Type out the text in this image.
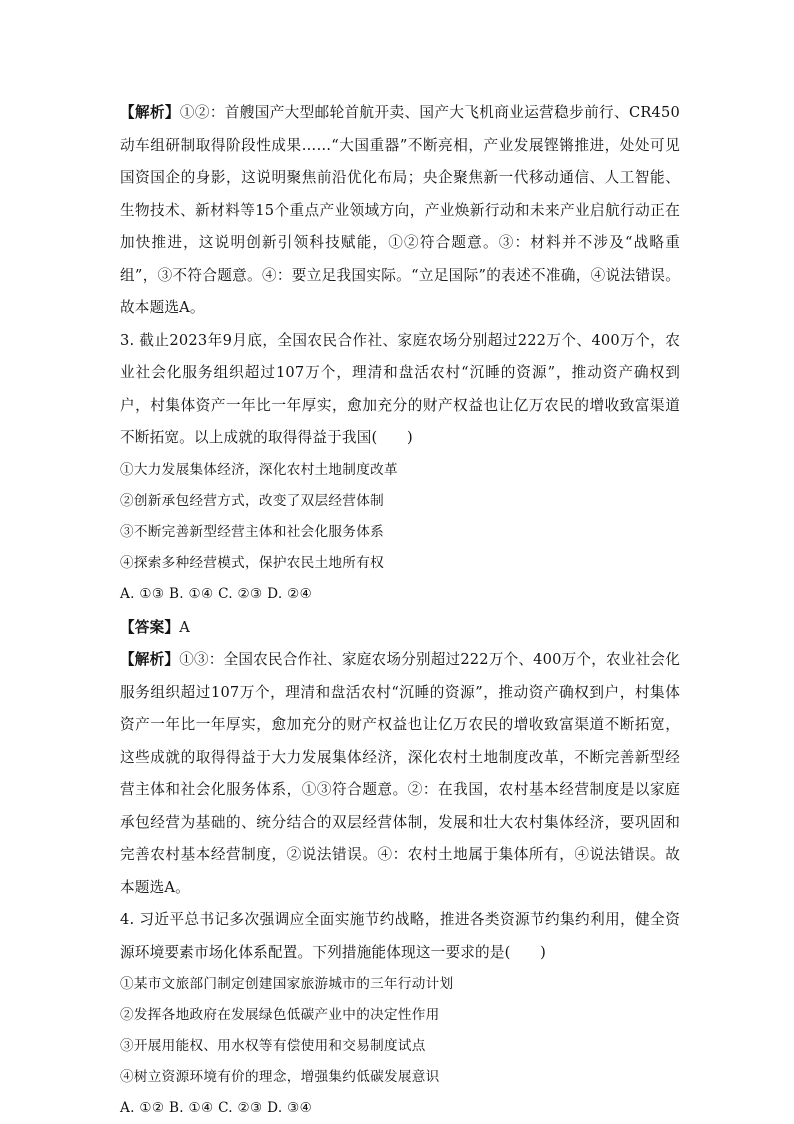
【解析】①②：首艘国产大型邮轮首航开卖、国产大飞机商业运营稳步前行、CR450动车组研制取得阶段性成果……“大国重器”不断亮相，产业发展铿锵推进，处处可见国资国企的身影，这说明聚焦前沿优化布局；央企聚焦新一代移动通信、人工智能、生物技术、新材料等15个重点产业领域方向，产业焕新行动和未来产业启航行动正在加快推进，这说明创新引领科技赋能，①②符合题意。③：材料并不涉及“战略重组”，③不符合题意。④：要立足我国实际。“立足国际”的表述不准确，④说法错误。故本题选A。

3. 截止2023年9月底，全国农民合作社、家庭农场分别超过222万个、400万个，农业社会化服务组织超过107万个，理清和盘活农村“沉睡的资源”，推动资产确权到户，村集体资产一年比一年厚实，愈加充分的财产权益也让亿万农民的增收致富渠道不断拓宽。以上成就的取得得益于我国(　　)

①大力发展集体经济，深化农村土地制度改革

②创新承包经营方式，改变了双层经营体制

③不断完善新型经营主体和社会化服务体系

④探索多种经营模式，保护农民土地所有权

A. ①③ B. ①④ C. ②③ D. ②④

【答案】A

【解析】①③：全国农民合作社、家庭农场分别超过222万个、400万个，农业社会化服务组织超过107万个，理清和盘活农村“沉睡的资源”，推动资产确权到户，村集体资产一年比一年厚实，愈加充分的财产权益也让亿万农民的增收致富渠道不断拓宽，这些成就的取得得益于大力发展集体经济，深化农村土地制度改革，不断完善新型经营主体和社会化服务体系，①③符合题意。②：在我国，农村基本经营制度是以家庭承包经营为基础的、统分结合的双层经营体制，发展和壮大农村集体经济，要巩固和完善农村基本经营制度，②说法错误。④：农村土地属于集体所有，④说法错误。故本题选A。

4. 习近平总书记多次强调应全面实施节约战略，推进各类资源节约集约利用，健全资源环境要素市场化体系配置。下列措施能体现这一要求的是(　　)

①某市文旅部门制定创建国家旅游城市的三年行动计划

②发挥各地政府在发展绿色低碳产业中的决定性作用

③开展用能权、用水权等有偿使用和交易制度试点

④树立资源环境有价的理念，增强集约低碳发展意识

A. ①② B. ①④ C. ②③ D. ③④
